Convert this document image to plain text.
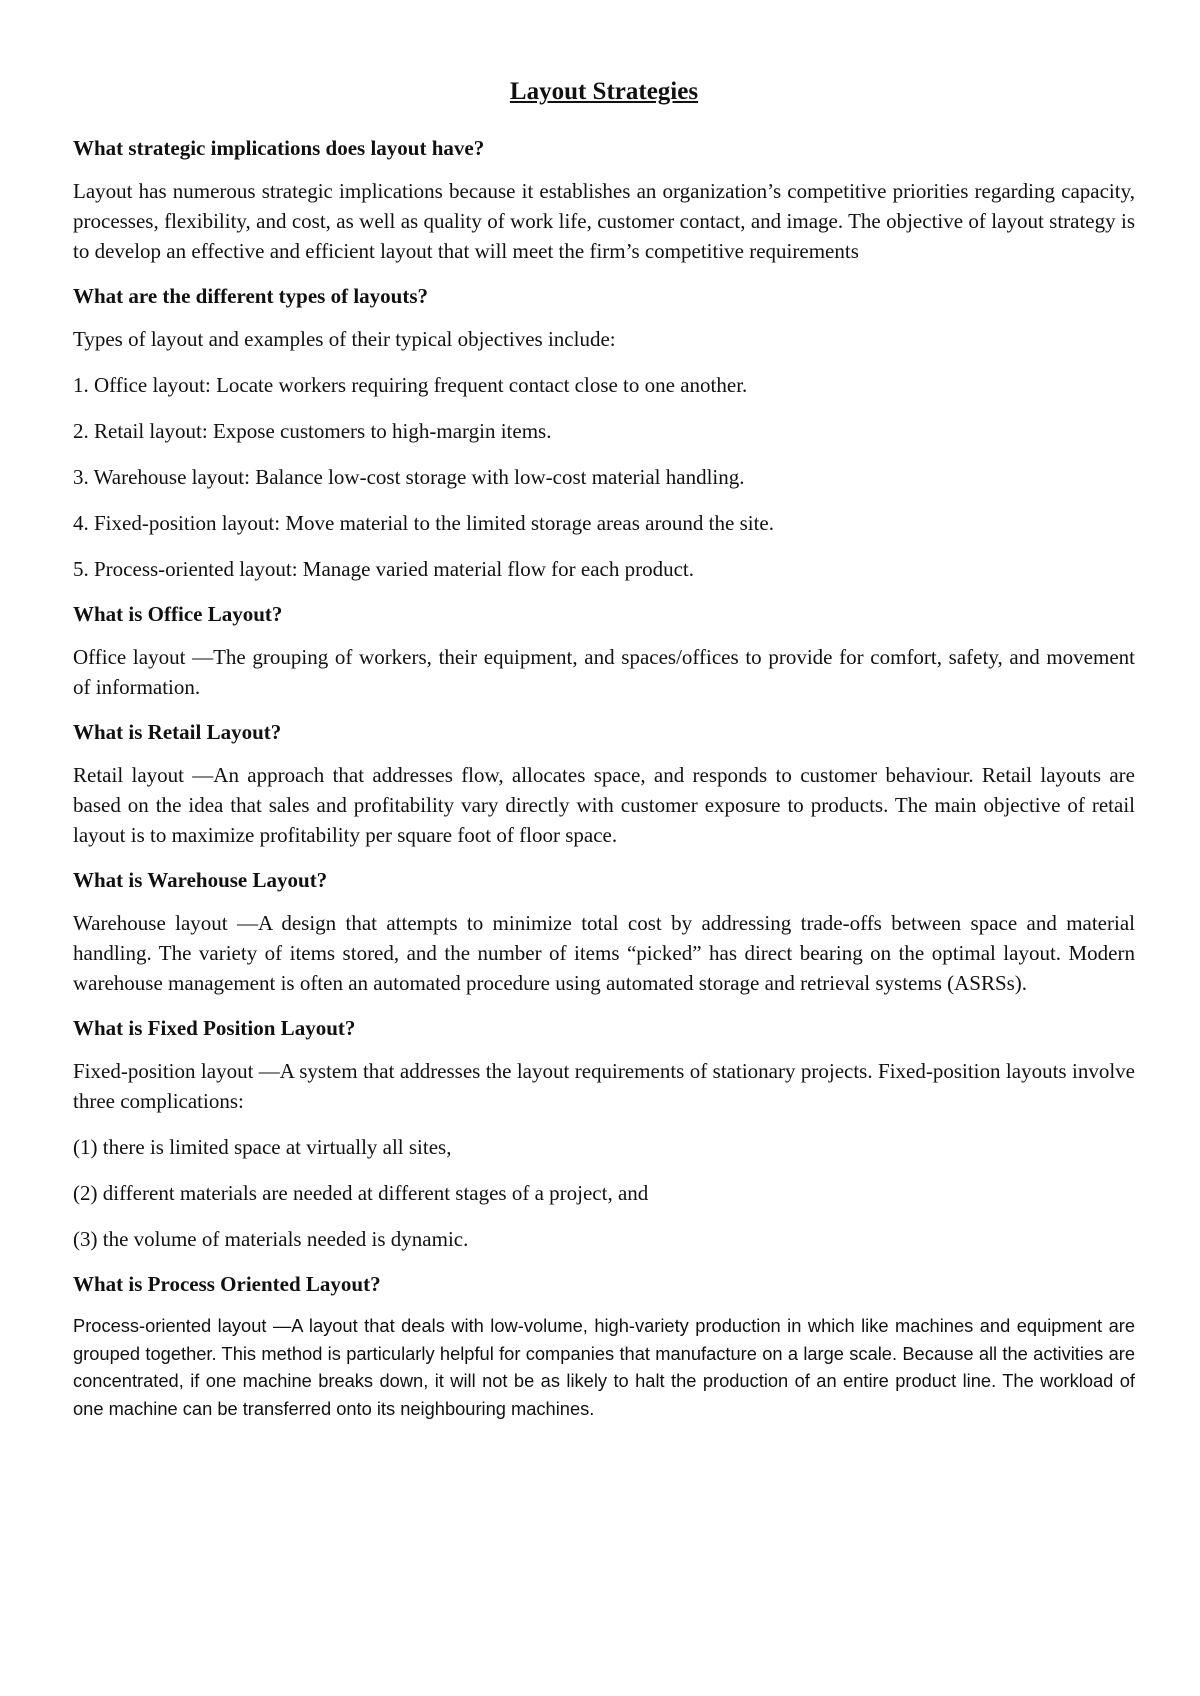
Layout Strategies
What strategic implications does layout have?

Layout has numerous strategic implications because it establishes an organization’s competitive priorities regarding capacity, processes, flexibility, and cost, as well as quality of work life, customer contact, and image. The objective of layout strategy is to develop an effective and efficient layout that will meet the firm’s competitive requirements

What are the different types of layouts?

Types of layout and examples of their typical objectives include:

1. Office layout: Locate workers requiring frequent contact close to one another.
2. Retail layout: Expose customers to high-margin items.
3. Warehouse layout: Balance low-cost storage with low-cost material handling.
4. Fixed-position layout: Move material to the limited storage areas around the site.
5. Process-oriented layout: Manage varied material flow for each product.
What is Office Layout?

Office layout —The grouping of workers, their equipment, and spaces/offices to provide for comfort, safety, and movement of information.

What is Retail Layout?

Retail layout —An approach that addresses flow, allocates space, and responds to customer behaviour. Retail layouts are based on the idea that sales and profitability vary directly with customer exposure to products. The main objective of retail layout is to maximize profitability per square foot of floor space.

What is Warehouse Layout?

Warehouse layout —A design that attempts to minimize total cost by addressing trade-offs between space and material handling. The variety of items stored, and the number of items “picked” has direct bearing on the optimal layout. Modern warehouse management is often an automated procedure using automated storage and retrieval systems (ASRSs).

What is Fixed Position Layout?

Fixed-position layout —A system that addresses the layout requirements of stationary projects. Fixed-position layouts involve three complications:

(1) there is limited space at virtually all sites,
(2) different materials are needed at different stages of a project, and
(3) the volume of materials needed is dynamic.
What is Process Oriented Layout?

Process-oriented layout —A layout that deals with low-volume, high-variety production in which like machines and equipment are grouped together. This method is particularly helpful for companies that manufacture on a large scale. Because all the activities are concentrated, if one machine breaks down, it will not be as likely to halt the production of an entire product line. The workload of one machine can be transferred onto its neighbouring machines.
